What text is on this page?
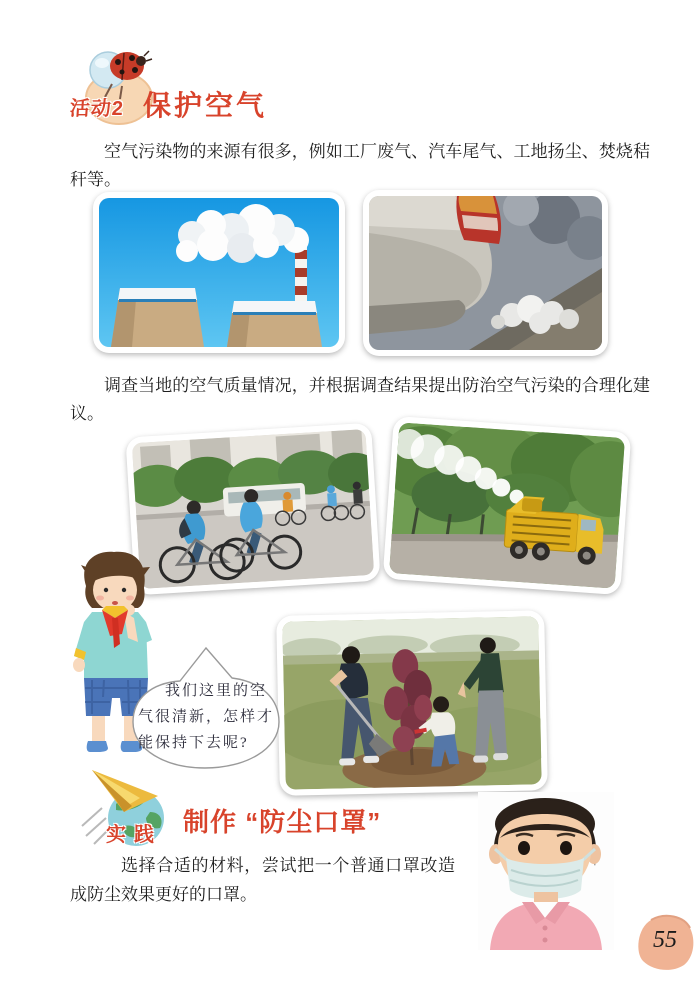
活动2 保护空气
空气污染物的来源有很多，例如工厂废气、汽车尾气、工地扬尘、焚烧秸秆等。
调查当地的空气质量情况，并根据调查结果提出防治空气污染的合理化建议。
我们这里的空
气很清新，怎样才
能保持下去呢?
实践 制作 “防尘口罩”
选择合适的材料，尝试把一个普通口罩改造成防尘效果更好的口罩。
55
